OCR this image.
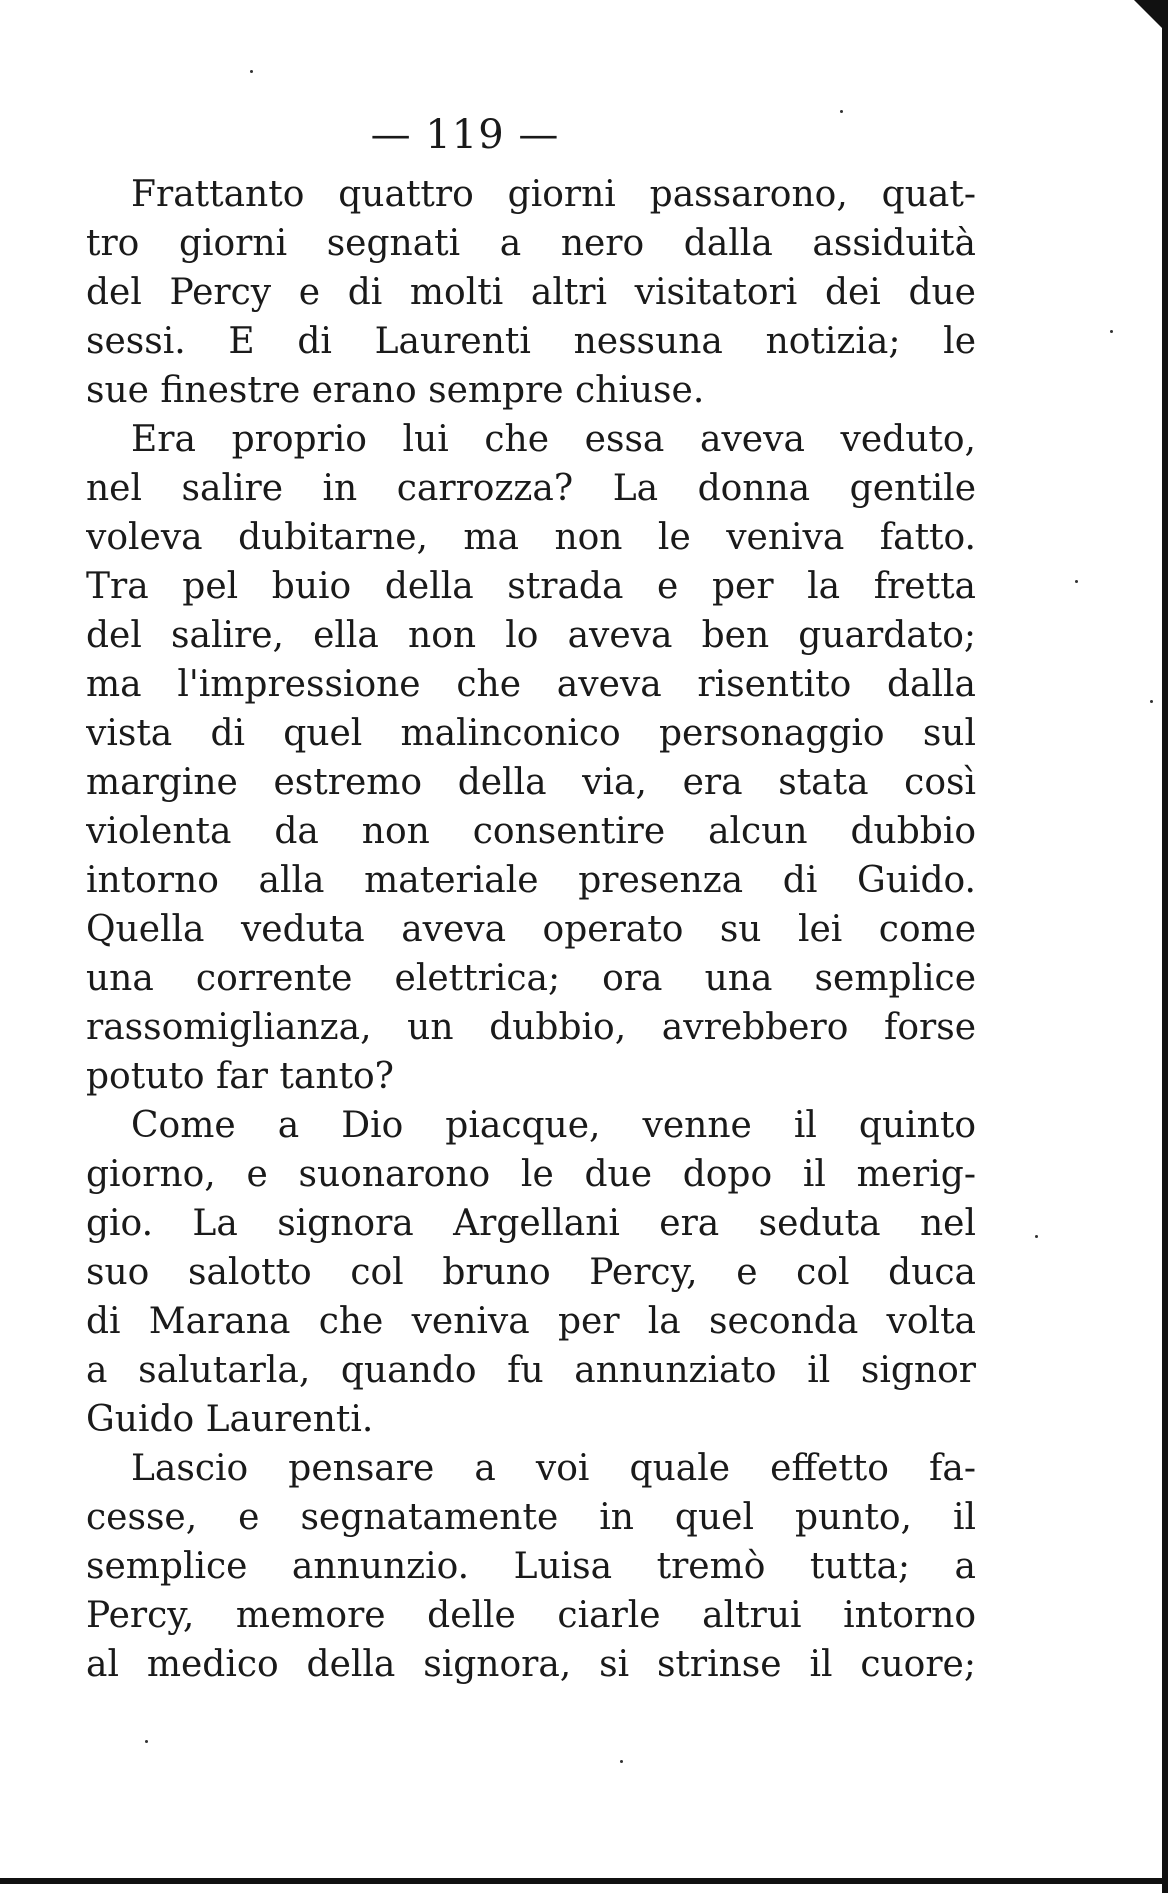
— 119 —
Frattanto quattro giorni passarono, quat-
tro giorni segnati a nero dalla assiduità
del Percy e di molti altri visitatori dei due
sessi. E di Laurenti nessuna notizia; le
sue finestre erano sempre chiuse.
Era proprio lui che essa aveva veduto,
nel salire in carrozza? La donna gentile
voleva dubitarne, ma non le veniva fatto.
Tra pel buio della strada e per la fretta
del salire, ella non lo aveva ben guardato;
ma l'impressione che aveva risentito dalla
vista di quel malinconico personaggio sul
margine estremo della via, era stata così
violenta da non consentire alcun dubbio
intorno alla materiale presenza di Guido.
Quella veduta aveva operato su lei come
una corrente elettrica; ora una semplice
rassomiglianza, un dubbio, avrebbero forse
potuto far tanto?
Come a Dio piacque, venne il quinto
giorno, e suonarono le due dopo il merig-
gio. La signora Argellani era seduta nel
suo salotto col bruno Percy, e col duca
di Marana che veniva per la seconda volta
a salutarla, quando fu annunziato il signor
Guido Laurenti.
Lascio pensare a voi quale effetto fa-
cesse, e segnatamente in quel punto, il
semplice annunzio. Luisa tremò tutta; a
Percy, memore delle ciarle altrui intorno
al medico della signora, si strinse il cuore;
